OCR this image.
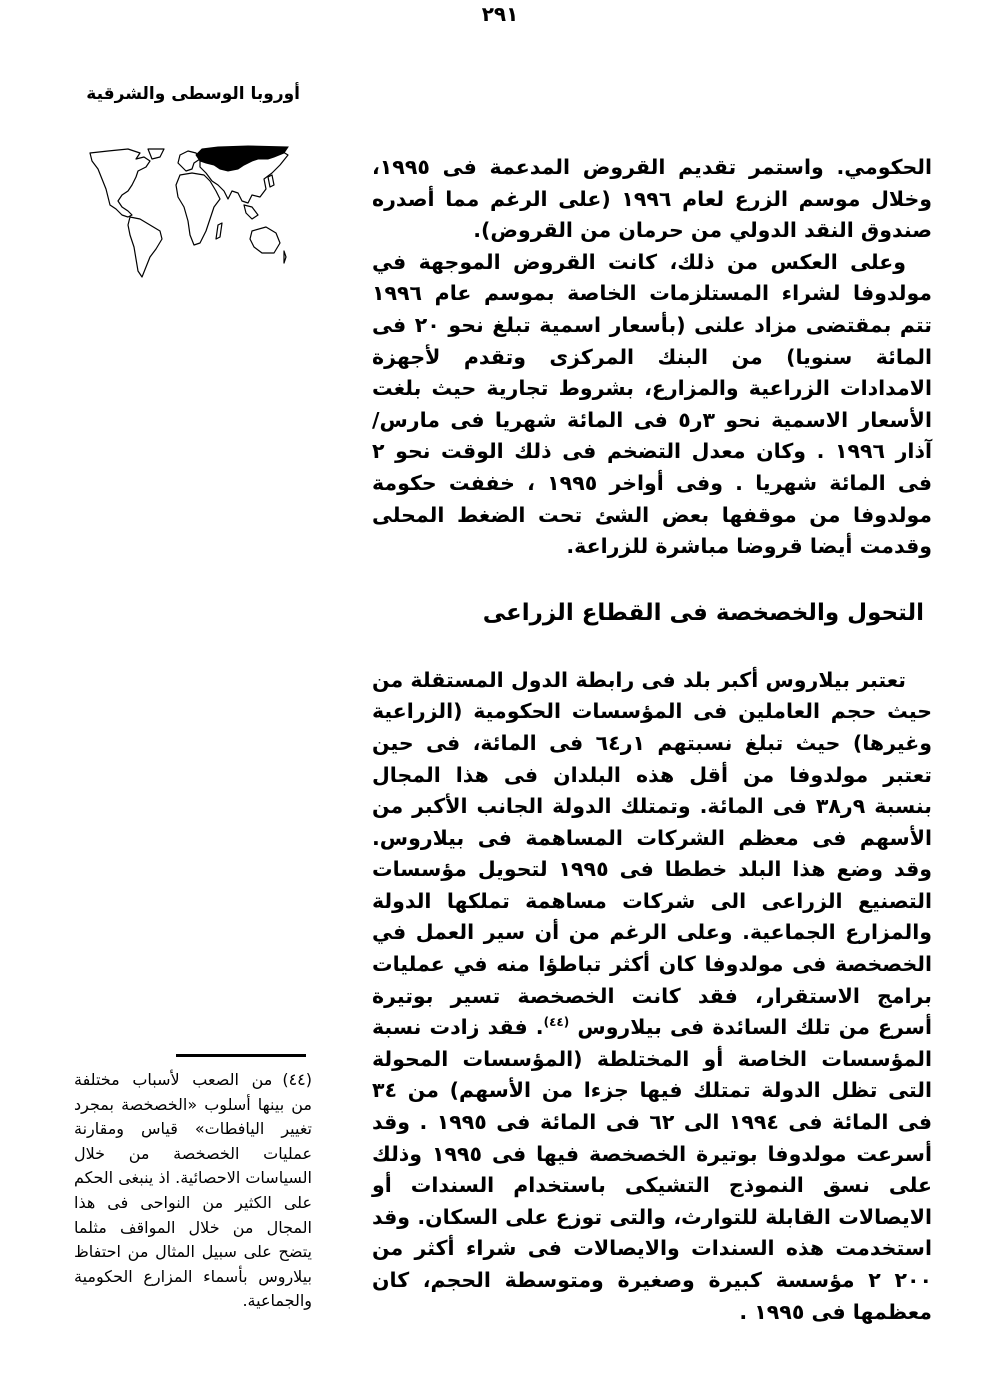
٢٩١
أوروبا الوسطى والشرقية

الحكومي. واستمر تقديم القروض المدعمة فى ١٩٩٥، وخلال موسم الزرع لعام ١٩٩٦ (على الرغم مما أصدره صندوق النقد الدولي من حرمان من القروض).

وعلى العكس من ذلك، كانت القروض الموجهة في مولدوفا لشراء المستلزمات الخاصة بموسم عام ١٩٩٦ تتم بمقتضى مزاد علنى (بأسعار اسمية تبلغ نحو ٢٠ فى المائة سنويا) من البنك المركزى وتقدم لأجهزة الامدادات الزراعية والمزارع، بشروط تجارية حيث بلغت الأسعار الاسمية نحو ٣ر٥ فى المائة شهريا فى مارس/ آذار ١٩٩٦ . وكان معدل التضخم فى ذلك الوقت نحو ٢ فى المائة شهريا . وفى أواخر ١٩٩٥ ، خففت حكومة مولدوفا من موقفها بعض الشئ تحت الضغط المحلى وقدمت أيضا قروضا مباشرة للزراعة.

التحول والخصخصة فى القطاع الزراعى

تعتبر بيلاروس أكبر بلد فى رابطة الدول المستقلة من حيث حجم العاملين فى المؤسسات الحكومية (الزراعية وغيرها) حيث تبلغ نسبتهم ١ر٦٤ فى المائة، فى حين تعتبر مولدوفا من أقل هذه البلدان فى هذا المجال بنسبة ٩ر٣٨ فى المائة. وتمتلك الدولة الجانب الأكبر من الأسهم فى معظم الشركات المساهمة فى بيلاروس. وقد وضع هذا البلد خططا فى ١٩٩٥ لتحويل مؤسسات التصنيع الزراعى الى شركات مساهمة تملكها الدولة والمزارع الجماعية. وعلى الرغم من أن سير العمل في الخصخصة فى مولدوفا كان أكثر تباطؤا منه في عمليات برامج الاستقرار، فقد كانت الخصخصة تسير بوتيرة أسرع من تلك السائدة فى بيلاروس $^{(٤٤)}$. فقد زادت نسبة المؤسسات الخاصة أو المختلطة (المؤسسات المحولة التى تظل الدولة تمتلك فيها جزءا من الأسهم) من ٣٤ فى المائة فى ١٩٩٤ الى ٦٢ فى المائة فى ١٩٩٥ . وقد أسرعت مولدوفا بوتيرة الخصخصة فيها فى ١٩٩٥ وذلك على نسق النموذج التشيكى باستخدام السندات أو الايصالات القابلة للتوارث، والتى توزع على السكان. وقد استخدمت هذه السندات والايصالات فى شراء أكثر من ٢٠٠ ٢ مؤسسة كبيرة وصغيرة ومتوسطة الحجم، كان معظمها فى ١٩٩٥ .

(٤٤)من الصعب لأسباب مختلفة من بينها أسلوب «الخصخصة بمجرد تغيير اليافطات» قياس ومقارنة عمليات الخصخصة من خلال السياسات الاحصائية. اذ ينبغى الحكم على الكثير من النواحى فى هذا المجال من خلال المواقف مثلما يتضح على سبيل المثال من احتفاظ بيلاروس بأسماء المزارع الحكومية والجماعية.
